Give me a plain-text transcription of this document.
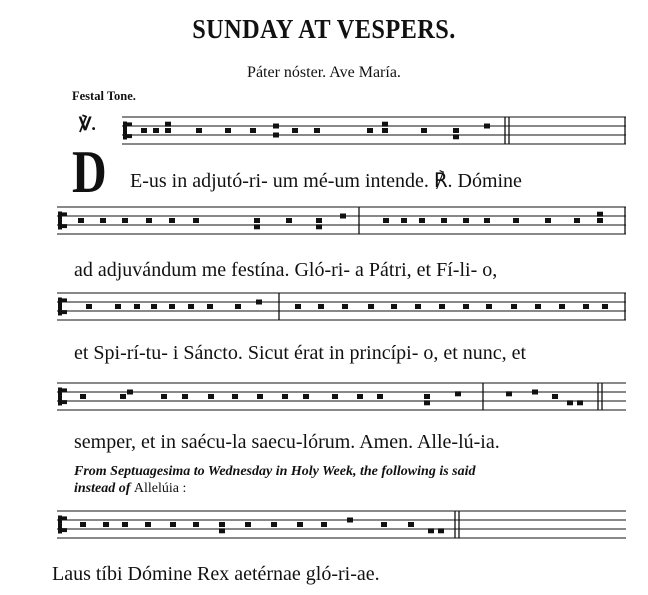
SUNDAY AT VESPERS.
Páter nóster. Ave María.
Festal Tone.
℣.
D E-us in adjutó-ri- um mé-um intende. ℟. Dómine
ad adjuvándum me festína. Gló-ri- a Pátri, et Fí-li- o,
et Spi-rí-tu- i Sáncto. Sicut érat in princípi- o, et nunc, et
semper, et in saécu-la saecu-lórum. Amen. Alle-lú-ia.
From Septuagesima to Wednesday in Holy Week, the following is said
instead of Allelúia :
Laus tíbi Dómine Rex aetérnae gló-ri-ae.
